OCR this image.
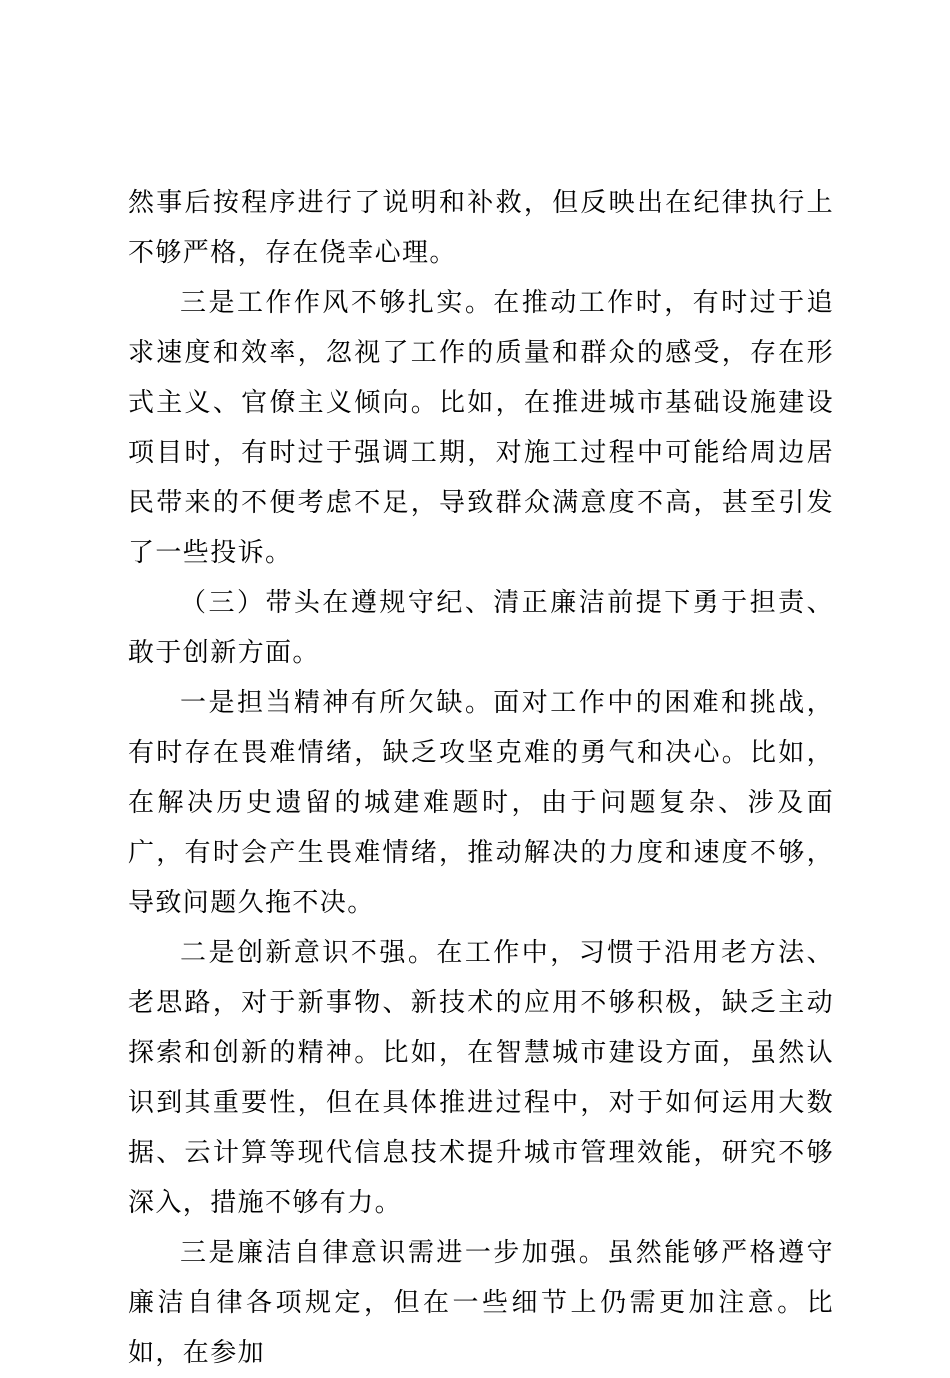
然事后按程序进行了说明和补救，但反映出在纪律执行上不够严格，存在侥幸心理。

三是工作作风不够扎实。在推动工作时，有时过于追求速度和效率，忽视了工作的质量和群众的感受，存在形式主义、官僚主义倾向。比如，在推进城市基础设施建设项目时，有时过于强调工期，对施工过程中可能给周边居民带来的不便考虑不足，导致群众满意度不高，甚至引发了一些投诉。

（三）带头在遵规守纪、清正廉洁前提下勇于担责、敢于创新方面。

一是担当精神有所欠缺。面对工作中的困难和挑战，有时存在畏难情绪，缺乏攻坚克难的勇气和决心。比如，在解决历史遗留的城建难题时，由于问题复杂、涉及面广，有时会产生畏难情绪，推动解决的力度和速度不够，导致问题久拖不决。

二是创新意识不强。在工作中，习惯于沿用老方法、老思路，对于新事物、新技术的应用不够积极，缺乏主动探索和创新的精神。比如，在智慧城市建设方面，虽然认识到其重要性，但在具体推进过程中，对于如何运用大数据、云计算等现代信息技术提升城市管理效能，研究不够深入，措施不够有力。

三是廉洁自律意识需进一步加强。虽然能够严格遵守廉洁自律各项规定，但在一些细节上仍需更加注意。比如，在参加
